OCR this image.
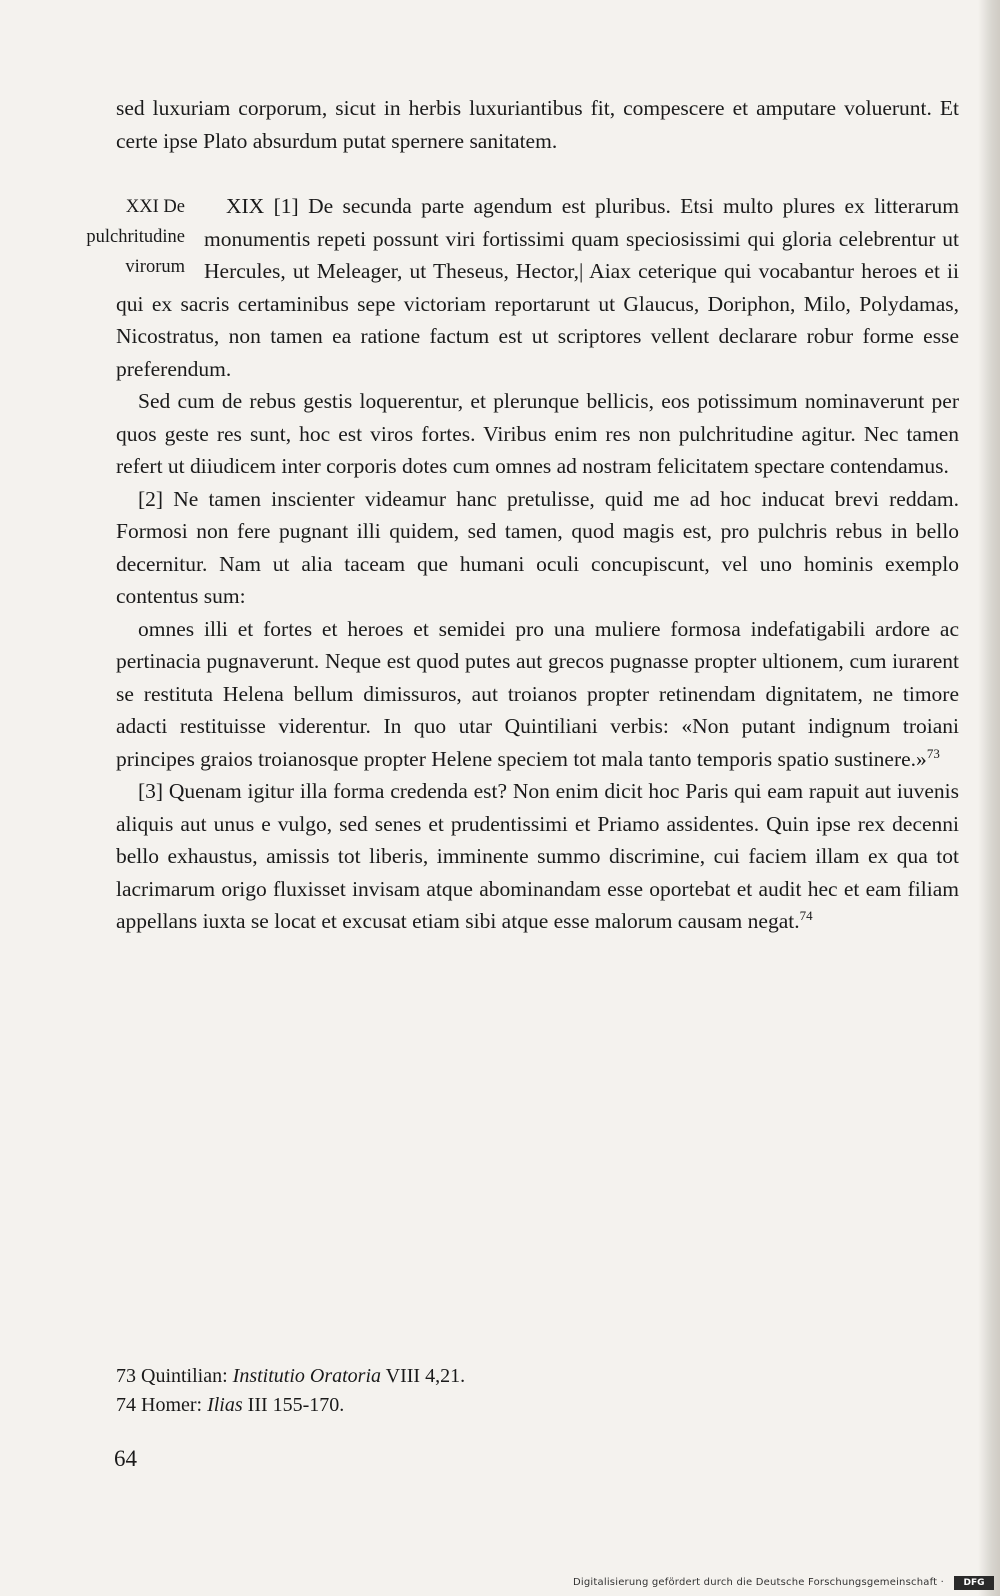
sed luxuriam corporum, sicut in herbis luxuriantibus fit, compescere et amputare voluerunt. Et certe ipse Plato absurdum putat spernere sanitatem.

XXI De
pulchritudine
virorum

XIX [1] De secunda parte agendum est pluribus. Etsi multo plures ex litterarum monumentis repeti possunt viri fortissimi quam speciosissimi qui gloria celebrentur ut Hercules, ut Meleager, ut Theseus, Hector,| Aiax ceterique qui vocabantur heroes et ii qui ex sacris certaminibus sepe victoriam reportarunt ut Glaucus, Doriphon, Milo, Polydamas, Nicostratus, non tamen ea ratione factum est ut scriptores vellent declarare robur forme esse preferendum.

Sed cum de rebus gestis loquerentur, et plerunque bellicis, eos potissimum nominaverunt per quos geste res sunt, hoc est viros fortes. Viribus enim res non pulchritudine agitur. Nec tamen refert ut diiudicem inter corporis dotes cum omnes ad nostram felicitatem spectare contendamus.

[2] Ne tamen inscienter videamur hanc pretulisse, quid me ad hoc inducat brevi reddam. Formosi non fere pugnant illi quidem, sed tamen, quod magis est, pro pulchris rebus in bello decernitur. Nam ut alia taceam que humani oculi concupiscunt, vel uno hominis exemplo contentus sum:

omnes illi et fortes et heroes et semidei pro una muliere formosa indefatigabili ardore ac pertinacia pugnaverunt. Neque est quod putes aut grecos pugnasse propter ultionem, cum iurarent se restituta Helena bellum dimissuros, aut troianos propter retinendam dignitatem, ne timore adacti restituisse viderentur. In quo utar Quintiliani verbis: «Non putant indignum troiani principes graios troianosque propter Helene speciem tot mala tanto temporis spatio sustinere.»$^{73}$

[3] Quenam igitur illa forma credenda est? Non enim dicit hoc Paris qui eam rapuit aut iuvenis aliquis aut unus e vulgo, sed senes et prudentissimi et Priamo assidentes. Quin ipse rex decenni bello exhaustus, amissis tot liberis, imminente summo discrimine, cui faciem illam ex qua tot lacrimarum origo fluxisset invisam atque abominandam esse oportebat et audit hec et eam filiam appellans iuxta se locat et excusat etiam sibi atque esse malorum causam negat.$^{74}$

73 Quintilian: Institutio Oratoria VIII 4,21.
74 Homer: Ilias III 155-170.
64
Digitalisierung gefördert durch die Deutsche Forschungsgemeinschaft ·	DFG
